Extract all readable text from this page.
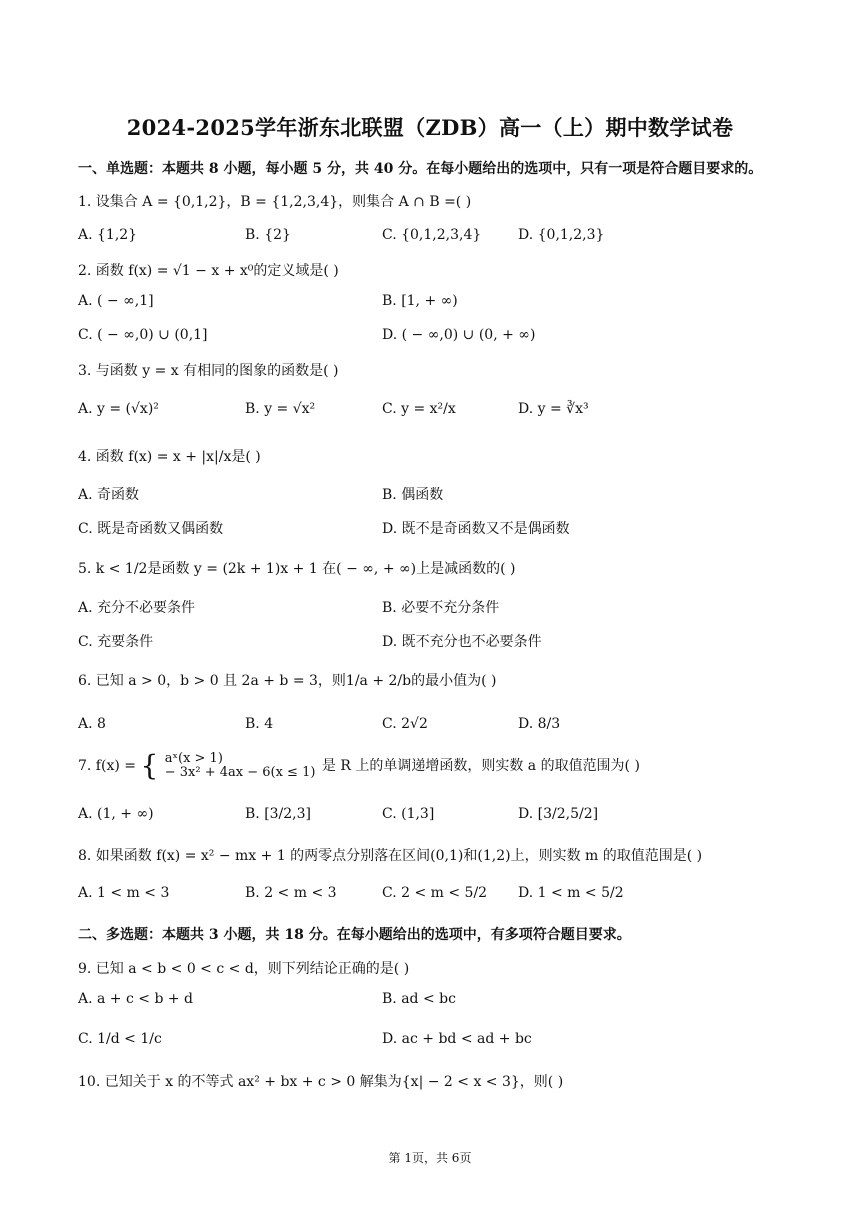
2024-2025学年浙东北联盟（ZDB）高一（上）期中数学试卷
一、单选题：本题共 8 小题，每小题 5 分，共 40 分。在每小题给出的选项中，只有一项是符合题目要求的。
1. 设集合 A = {0,1,2}，B = {1,2,3,4}，则集合 A ∩ B =( )
A. {1,2}	B. {2}	C. {0,1,2,3,4}	D. {0,1,2,3}
2. 函数 f(x) = √1 − x + x⁰的定义域是( )
A. ( − ∞,1]	B. [1, + ∞)
C. ( − ∞,0) ∪ (0,1]	D. ( − ∞,0) ∪ (0, + ∞)
3. 与函数 y = x 有相同的图象的函数是( )
A. y = (√x)²	B. y = √x²	C. y = x²/x	D. y = ∛x³
4. 函数 f(x) = x + |x|/x是( )
A. 奇函数	B. 偶函数
C. 既是奇函数又偶函数	D. 既不是奇函数又不是偶函数
5. k < 1/2是函数 y = (2k + 1)x + 1 在( − ∞, + ∞)上是减函数的( )
A. 充分不必要条件	B. 必要不充分条件
C. 充要条件	D. 既不充分也不必要条件
6. 已知 a > 0，b > 0 且 2a + b = 3，则1/a + 2/b的最小值为( )
A. 8	B. 4	C. 2√2	D. 8/3
7. f(x) = { aˣ(x > 1)
− 3x² + 4ax − 6(x ≤ 1) 是 R 上的单调递增函数，则实数 a 的取值范围为( )
A. (1, + ∞)	B. [3/2,3]	C. (1,3]	D. [3/2,5/2]
8. 如果函数 f(x) = x² − mx + 1 的两零点分别落在区间(0,1)和(1,2)上，则实数 m 的取值范围是( )
A. 1 < m < 3	B. 2 < m < 3	C. 2 < m < 5/2 D. 1 < m < 5/2
二、多选题：本题共 3 小题，共 18 分。在每小题给出的选项中，有多项符合题目要求。
9. 已知 a < b < 0 < c < d，则下列结论正确的是( )
A. a + c < b + d	B. ad < bc
C. 1/d < 1/c	D. ac + bd < ad + bc
10. 已知关于 x 的不等式 ax² + bx + c > 0 解集为{x| − 2 < x < 3}，则( )
第 1页，共 6页
